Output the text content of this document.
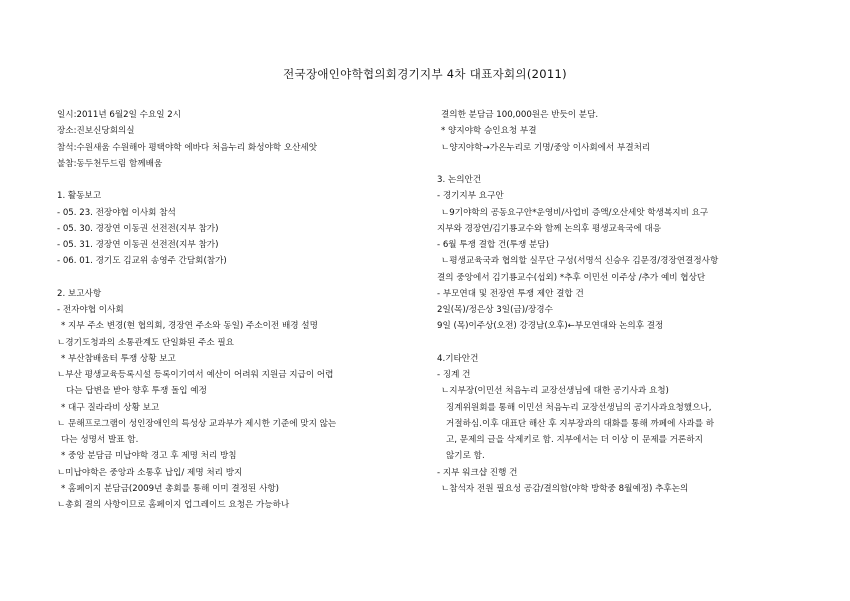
전국장애인야학협의회경기지부 4차 대표자회의(2011)
일시:2011년 6월2일 수요일 2시
장소:진보신당회의실
참석:수원새움 수원해아 평택야학 에바다 처음누리 화성야학 오산세앗
불참:동두천두드림 함께배움
1. 활동보고
- 05. 23. 전장야협 이사회 참석
- 05. 30. 경장연 이동권 선전전(지부 참가)
- 05. 31. 경장연 이동권 선전전(지부 참가)
- 06. 01. 경기도 김교위 송영주 간담회(참가)
2. 보고사항
- 전자야협 이사회
* 지부 주소 변경(현 협의회, 경장연 주소와 동일) 주소이전 배경 설명
ㄴ경기도청과의 소통관계도 단일화된 주소 필요
* 부산참배움터 투쟁 상황 보고
ㄴ부산 평생교육등록시설 등록이기여서 예산이 어려워 지원금 지급이 어렵
다는 답변을 받아 향후 투쟁 돌입 예정
* 대구 질라라비 상황 보고
ㄴ 문해프로그램이 성인장애인의 특성상 교과부가 제시한 기준에 맞지 않는
다는 성명서 발표 함.
* 중앙 분담금 미납야학 경고 후 제명 처리 방침
ㄴ미납야학은 중앙과 소통후 납입/ 제명 처리 방지
* 홈페이지 분담금(2009년 총회를 통해 이미 결정된 사항)
ㄴ총회 결의 사항이므로 홈페이지 업그레이드 요청은 가능하나
결의한 분담금 100,000원은 반듯이 분담.
* 양지야학 승인요청 부결
ㄴ양지야학→가온누리로 기명/중앙 이사회에서 부결처리
3. 논의안건
- 경기지부 요구안
ㄴ9기야학의 공동요구안*운영비/사업비 증액/오산세앗 학생복지비 요구
지부와 경장연/김기룡교수와 함께 논의후 평생교육국에 대응
- 6월 투쟁 결합 건(투쟁 분담)
ㄴ평생교육국과 협의할 실무단 구성(서명석 신승우 김문경/경장연결정사항
결의 중앙에서 김기룡교수(섭외) *추후 이민선 이주상 /추가 예비 협상단
- 부모연대 및 전장연 투쟁 제안 결합 건
2일(목)/정은상 3일(금)/장경수
9일 (목)이주상(오전) 강경남(오후)←부모연대와 논의후 결정
4.기타안건
- 징계 건
ㄴ지부장(이민선 처음누리 교장선생님에 대한 공기사과 요청)
징계위원회를 통해 이민선 처음누리 교장선생님의 공기사과요청했으나,
거절하심.이후 대표단 해산 후 지부장과의 대화를 통해 까페에 사과를 하
고, 문제의 글을 삭제키로 함. 지부에서는 더 이상 이 문제를 거론하지
않기로 함.
- 지부 워크샵 진행 건
ㄴ참석자 전원 필요성 공감/결의함(야학 방학중 8월예정) 추후논의
